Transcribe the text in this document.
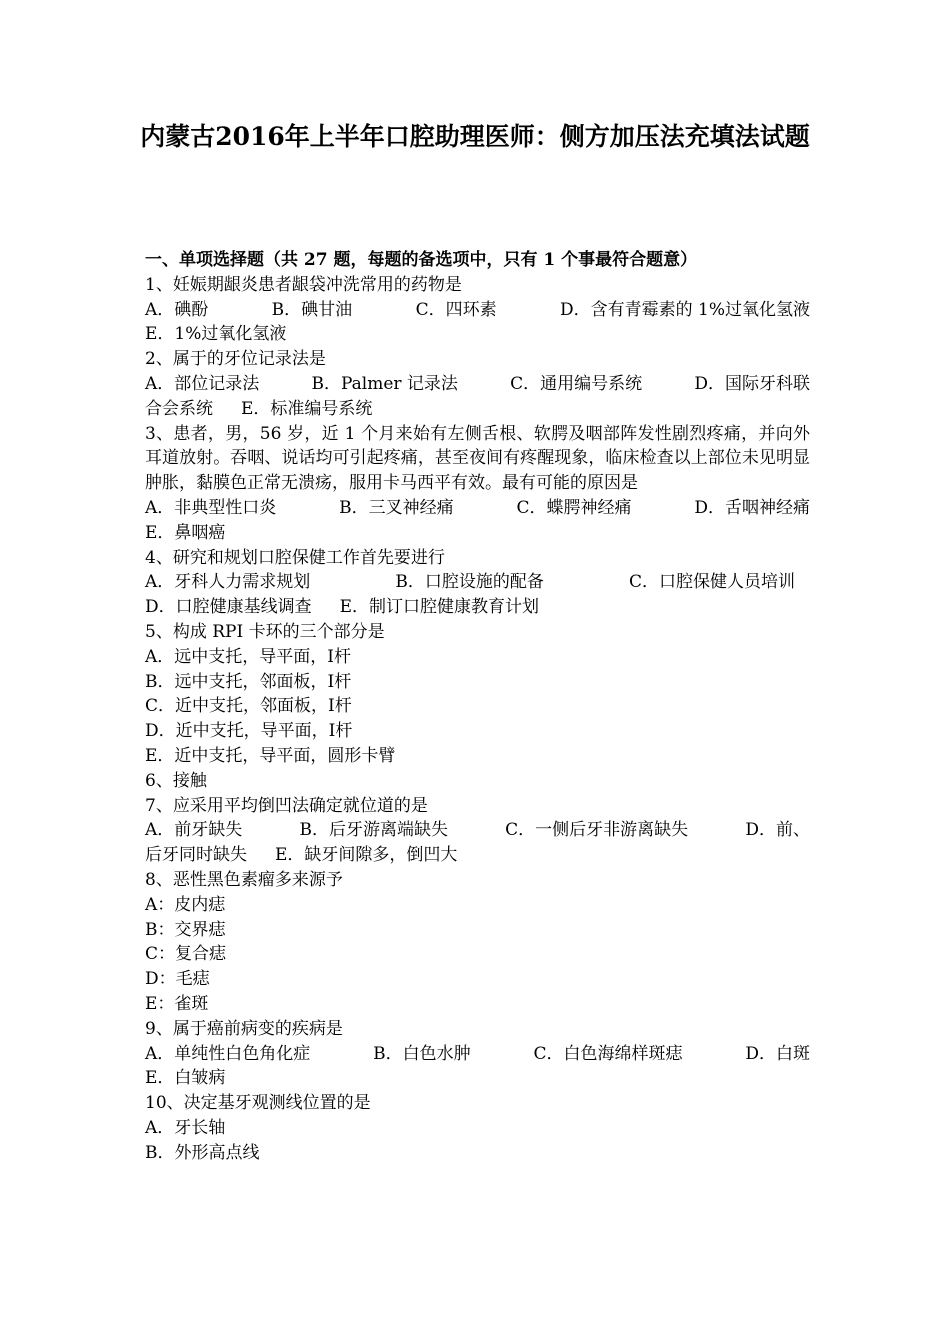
内蒙古2016年上半年口腔助理医师：侧方加压法充填法试题
一、单项选择题（共 27 题，每题的备选项中，只有 1 个事最符合题意）
1、妊娠期龈炎患者龈袋冲洗常用的药物是
A．碘酚	B．碘甘油	C．四环素	D．含有青霉素的 1%过氧化氢液
E．1%过氧化氢液
2、属于的牙位记录法是
A．部位记录法	B．Palmer 记录法	C．通用编号系统	D．国际牙科联
合会系统 E．标准编号系统
3、患者，男，56 岁，近 1 个月来始有左侧舌根、软腭及咽部阵发性剧烈疼痛，并向外耳道放射。吞咽、说话均可引起疼痛，甚至夜间有疼醒现象，临床检查以上部位未见明显肿胀，黏膜色正常无溃疡，服用卡马西平有效。最有可能的原因是
A．非典型性口炎	B．三叉神经痛	C．蝶腭神经痛	D．舌咽神经痛
E．鼻咽癌
4、研究和规划口腔保健工作首先要进行
A．牙科人力需求规划	B．口腔设施的配备	C．口腔保健人员培训
D．口腔健康基线调查 E．制订口腔健康教育计划
5、构成 RPI 卡环的三个部分是
A．远中支托，导平面，Ⅰ杆
B．远中支托，邻面板，Ⅰ杆
C．近中支托，邻面板，Ⅰ杆
D．近中支托，导平面，Ⅰ杆
E．近中支托，导平面，圆形卡臂
6、接触
7、应采用平均倒凹法确定就位道的是
A．前牙缺失	B．后牙游离端缺失	C．一侧后牙非游离缺失	D．前、
后牙同时缺失 E．缺牙间隙多，倒凹大
8、恶性黑色素瘤多来源予
A：皮内痣
B：交界痣
C：复合痣
D：毛痣
E：雀斑
9、属于癌前病变的疾病是
A．单纯性白色角化症	B．白色水肿	C．白色海绵样斑痣	D．白斑
E．白皱病
10、决定基牙观测线位置的是
A．牙长轴
B．外形高点线
